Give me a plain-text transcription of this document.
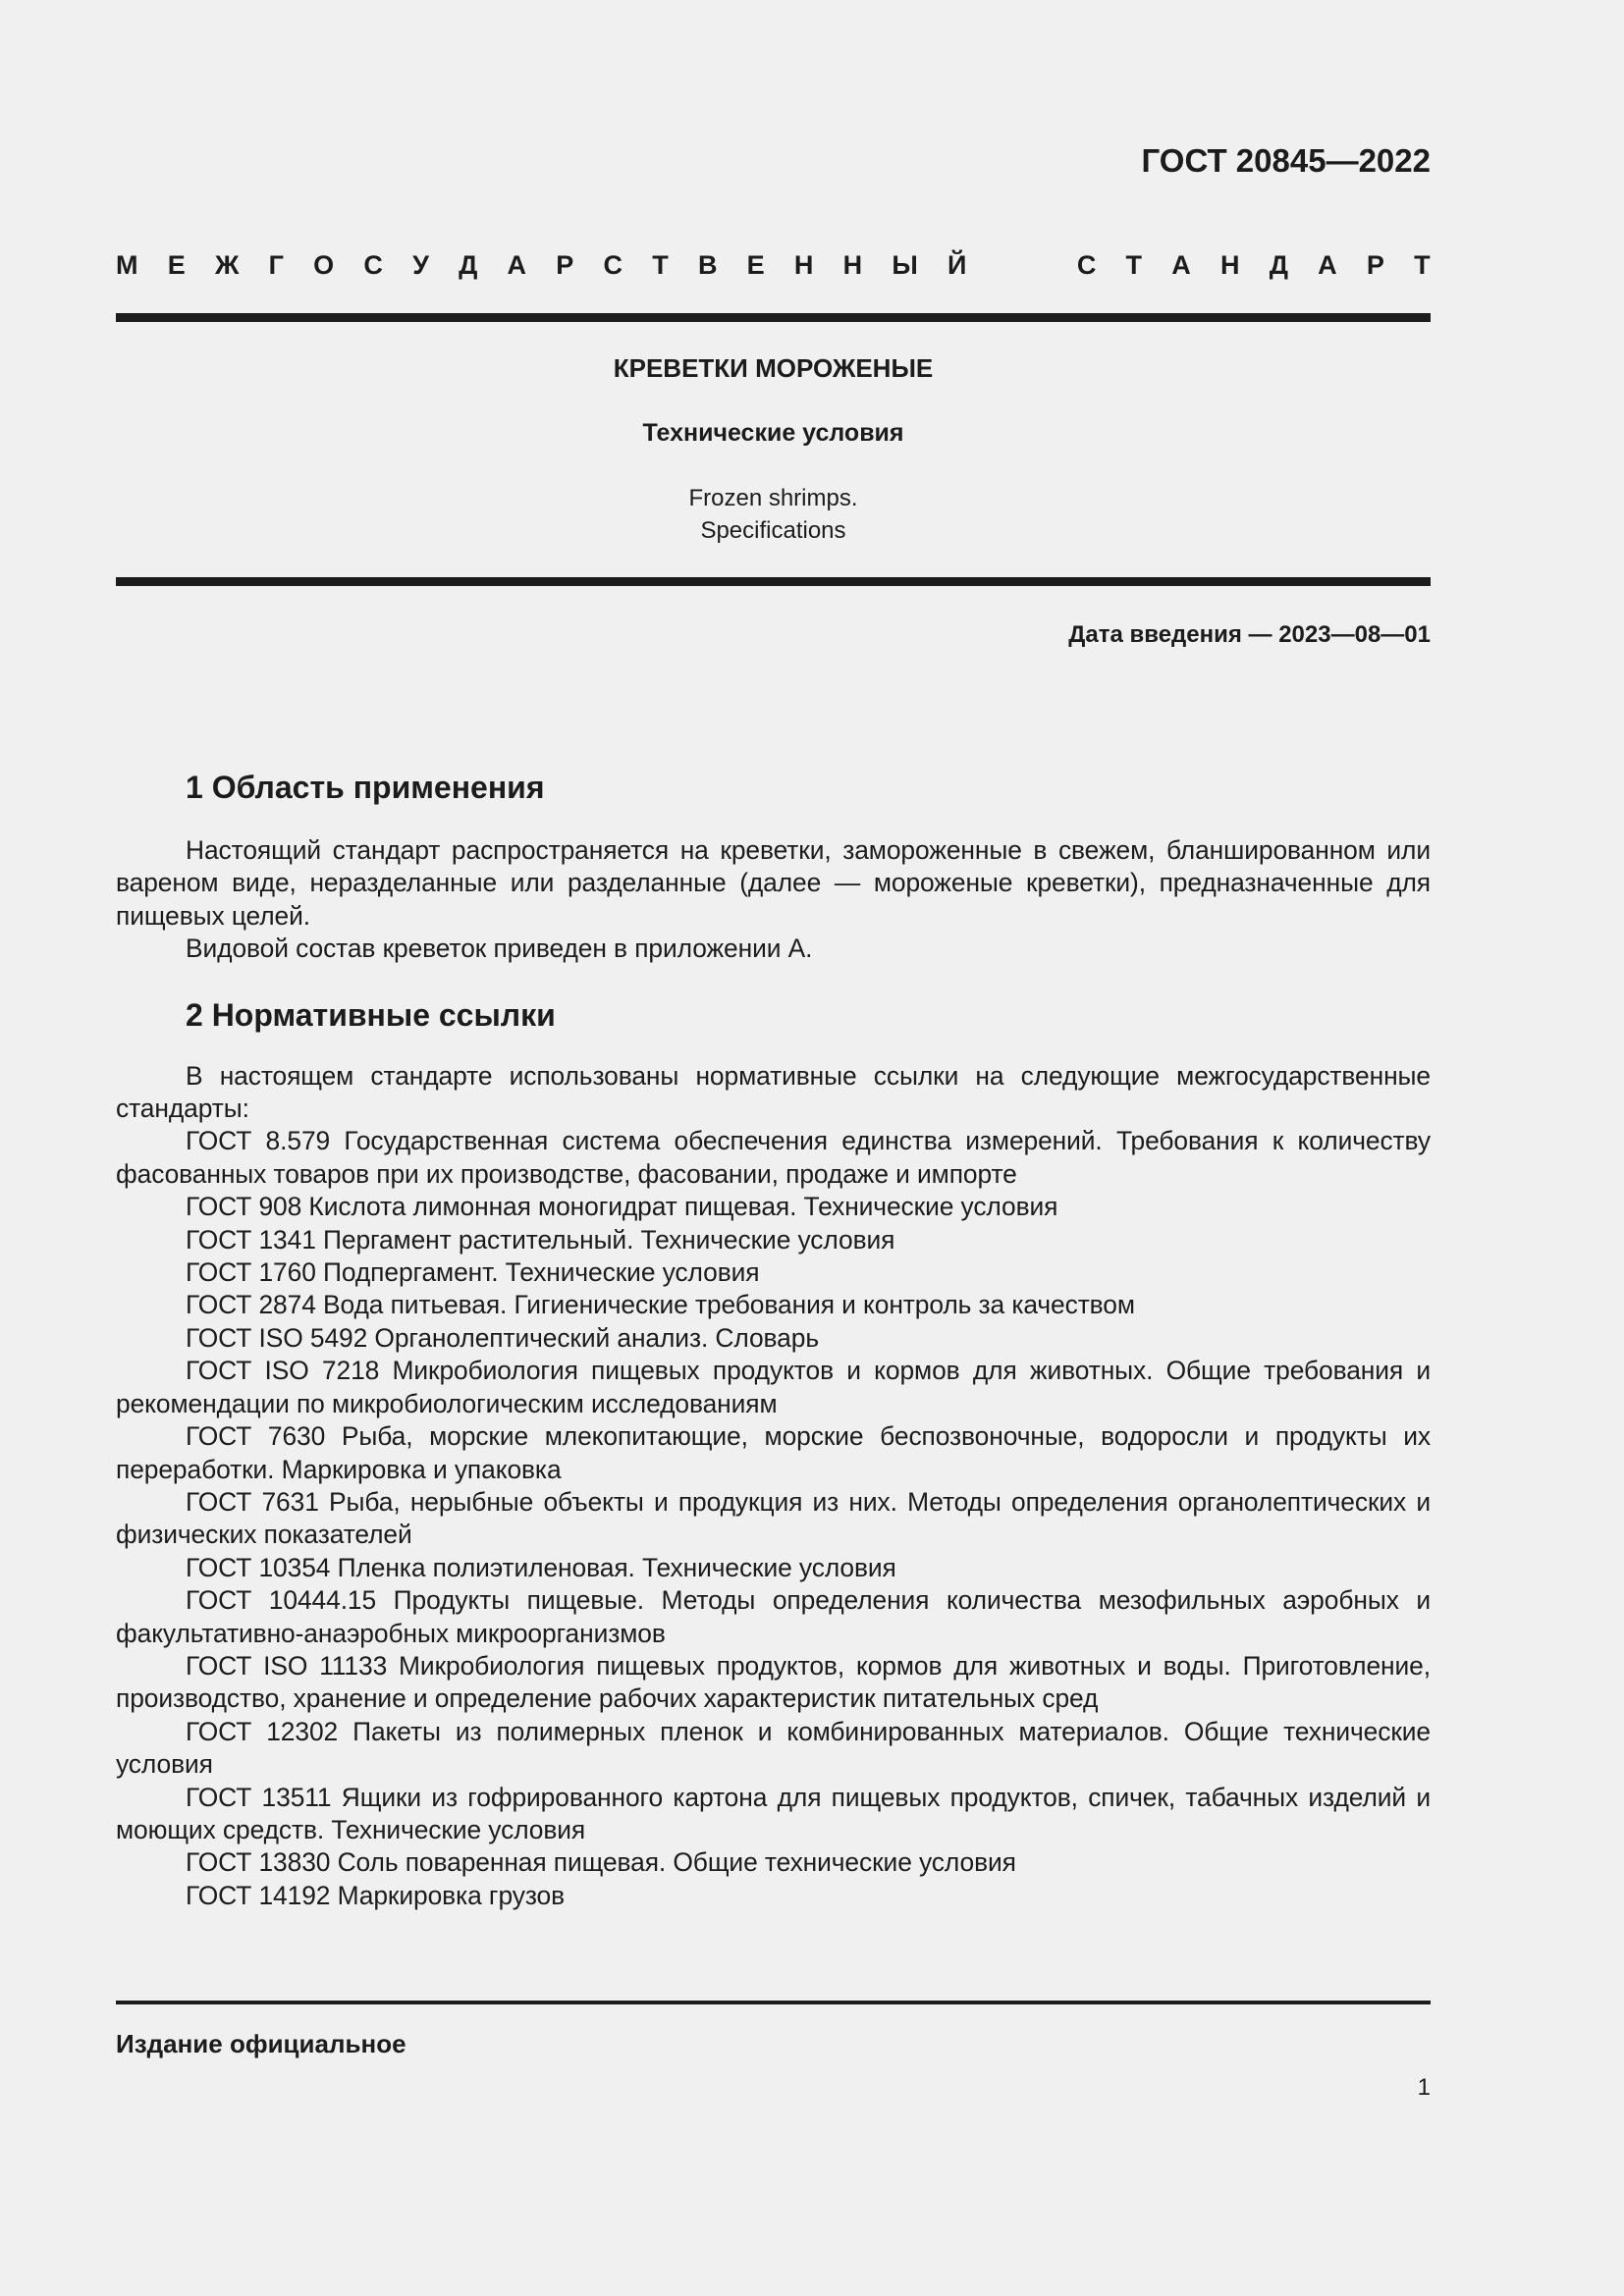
ГОСТ 20845—2022
М Е Ж Г О С У Д А Р С Т В Е Н Н Ы Й	С Т А Н Д А Р Т
КРЕВЕТКИ МОРОЖЕНЫЕ
Технические условия
Frozen shrimps.
Specifications
Дата введения — 2023—08—01
1 Область применения

Настоящий стандарт распространяется на креветки, замороженные в свежем, бланшированном или вареном виде, неразделанные или разделанные (далее — мороженые креветки), предназначенные для пищевых целей.

Видовой состав креветок приведен в приложении А.

2 Нормативные ссылки

В настоящем стандарте использованы нормативные ссылки на следующие межгосударственные стандарты:

ГОСТ 8.579 Государственная система обеспечения единства измерений. Требования к количеству фасованных товаров при их производстве, фасовании, продаже и импорте

ГОСТ 908 Кислота лимонная моногидрат пищевая. Технические условия

ГОСТ 1341 Пергамент растительный. Технические условия

ГОСТ 1760 Подпергамент. Технические условия

ГОСТ 2874 Вода питьевая. Гигиенические требования и контроль за качеством

ГОСТ ISO 5492 Органолептический анализ. Словарь

ГОСТ ISO 7218 Микробиология пищевых продуктов и кормов для животных. Общие требования и рекомендации по микробиологическим исследованиям

ГОСТ 7630 Рыба, морские млекопитающие, морские беспозвоночные, водоросли и продукты их переработки. Маркировка и упаковка

ГОСТ 7631 Рыба, нерыбные объекты и продукция из них. Методы определения органолептических и физических показателей

ГОСТ 10354 Пленка полиэтиленовая. Технические условия

ГОСТ 10444.15 Продукты пищевые. Методы определения количества мезофильных аэробных и факультативно-анаэробных микроорганизмов

ГОСТ ISO 11133 Микробиология пищевых продуктов, кормов для животных и воды. Приготовление, производство, хранение и определение рабочих характеристик питательных сред

ГОСТ 12302 Пакеты из полимерных пленок и комбинированных материалов. Общие технические условия

ГОСТ 13511 Ящики из гофрированного картона для пищевых продуктов, спичек, табачных изделий и моющих средств. Технические условия

ГОСТ 13830 Соль поваренная пищевая. Общие технические условия

ГОСТ 14192 Маркировка грузов

Издание официальное
1
